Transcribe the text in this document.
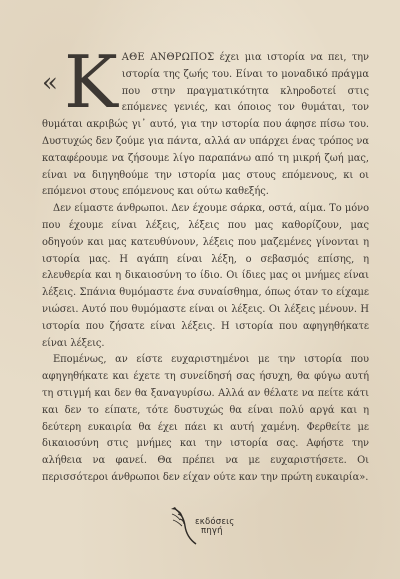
« ΚΑΘΕ ΑΝΘΡΩΠΟΣ έχει μια ιστορία να πει, την ιστορία της ζωής του. Είναι το μοναδικό πράγμα που στην πραγματικότητα κληροδοτεί στις επόμενες γενιές, και όποιος τον θυμάται, τον θυμάται ακριβώς γι᾽ αυτό, για την ιστορία που άφησε πίσω του. Δυστυχώς δεν ζούμε για πάντα, αλλά αν υπάρχει ένας τρόπος να καταφέρουμε να ζήσουμε λίγο παραπάνω από τη μικρή ζωή μας, είναι να διηγηθούμε την ιστορία μας στους επόμενους, κι οι επόμενοι στους επόμενους και ούτω καθεξής.

Δεν είμαστε άνθρωποι. Δεν έχουμε σάρκα, οστά, αίμα. Το μόνο που έχουμε είναι λέξεις, λέξεις που μας καθορίζουν, μας οδηγούν και μας κατευθύνουν, λέξεις που μαζεμένες γίνονται η ιστορία μας. Η αγάπη είναι λέξη, ο σεβασμός επίσης, η ελευθερία και η δικαιοσύνη το ίδιο. Οι ίδιες μας οι μνήμες είναι λέξεις. Σπάνια θυμόμαστε ένα συναίσθημα, όπως όταν το είχαμε νιώσει. Αυτό που θυμόμαστε είναι οι λέξεις. Οι λέξεις μένουν. Η ιστορία που ζήσατε είναι λέξεις. Η ιστορία που αφηγηθήκατε είναι λέξεις.

Επομένως, αν είστε ευχαριστημένοι με την ιστορία που αφηγηθήκατε και έχετε τη συνείδησή σας ήσυχη, θα φύγω αυτή τη στιγμή και δεν θα ξαναγυρίσω. Αλλά αν θέλατε να πείτε κάτι και δεν το είπατε, τότε δυστυχώς θα είναι πολύ αργά και η δεύτερη ευκαιρία θα έχει πάει κι αυτή χαμένη. Φερθείτε με δικαιοσύνη στις μνήμες και την ιστορία σας. Αφήστε την αλήθεια να φανεί. Θα πρέπει να με ευχαριστήσετε. Οι περισσότεροι άνθρωποι δεν είχαν ούτε καν την πρώτη ευκαιρία».

εκδόσεις
πηγή
